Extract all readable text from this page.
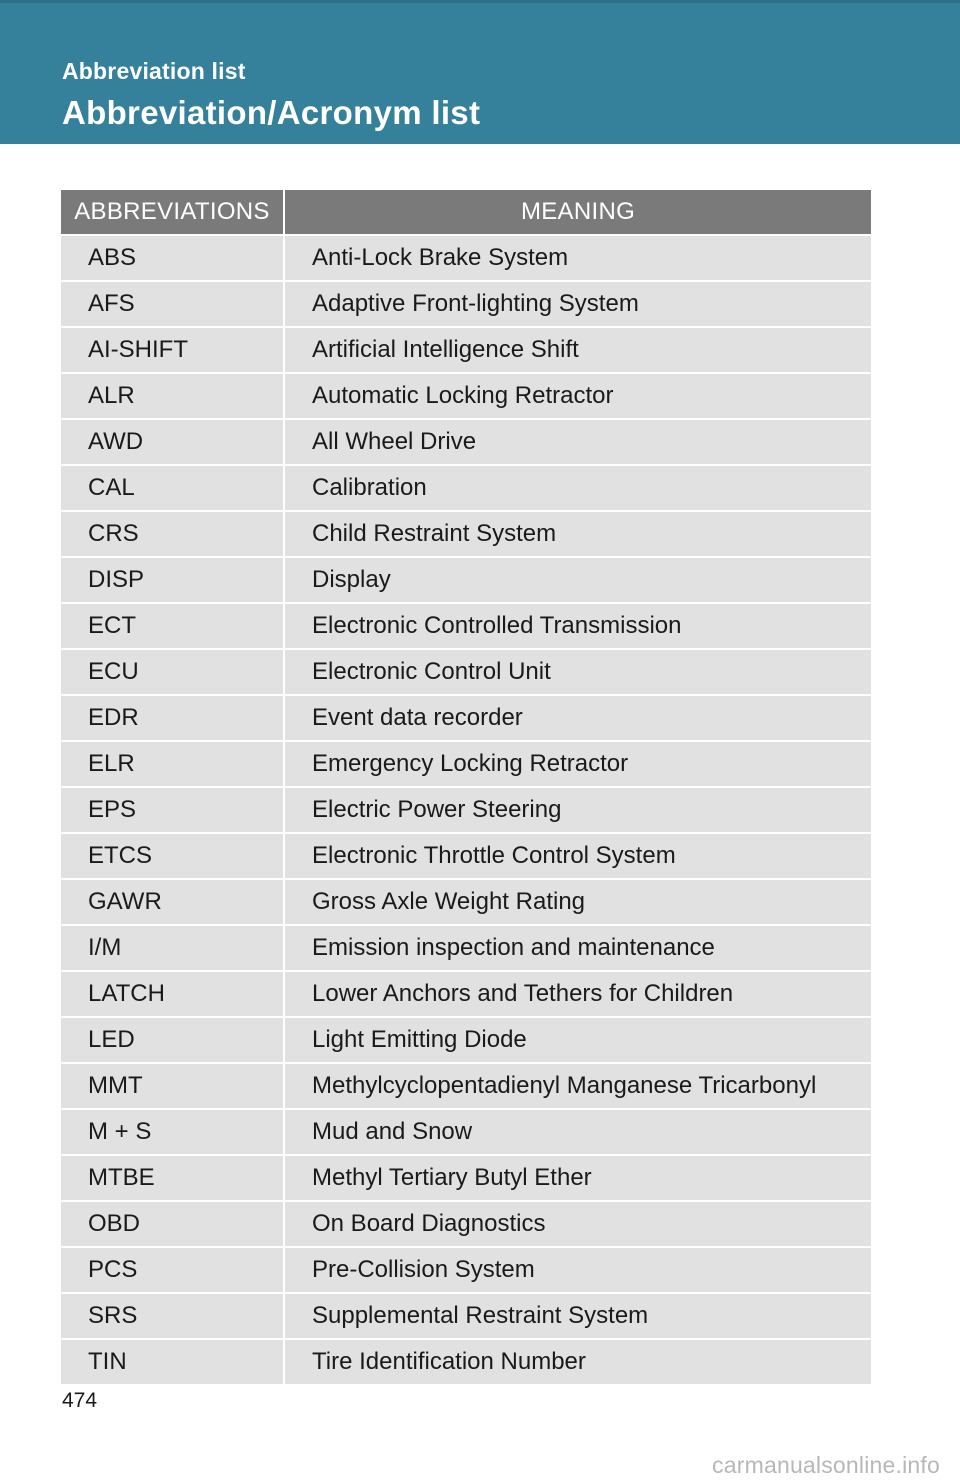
Abbreviation list
Abbreviation/Acronym list
ABBREVIATIONS	MEANING
ABS	Anti-Lock Brake System
AFS	Adaptive Front-lighting System
AI-SHIFT	Artificial Intelligence Shift
ALR	Automatic Locking Retractor
AWD	All Wheel Drive
CAL	Calibration
CRS	Child Restraint System
DISP	Display
ECT	Electronic Controlled Transmission
ECU	Electronic Control Unit
EDR	Event data recorder
ELR	Emergency Locking Retractor
EPS	Electric Power Steering
ETCS	Electronic Throttle Control System
GAWR	Gross Axle Weight Rating
I/M	Emission inspection and maintenance
LATCH	Lower Anchors and Tethers for Children
LED	Light Emitting Diode
MMT	Methylcyclopentadienyl Manganese Tricarbonyl
M + S	Mud and Snow
MTBE	Methyl Tertiary Butyl Ether
OBD	On Board Diagnostics
PCS	Pre-Collision System
SRS	Supplemental Restraint System
TIN	Tire Identification Number
474
carmanualsonline.info
